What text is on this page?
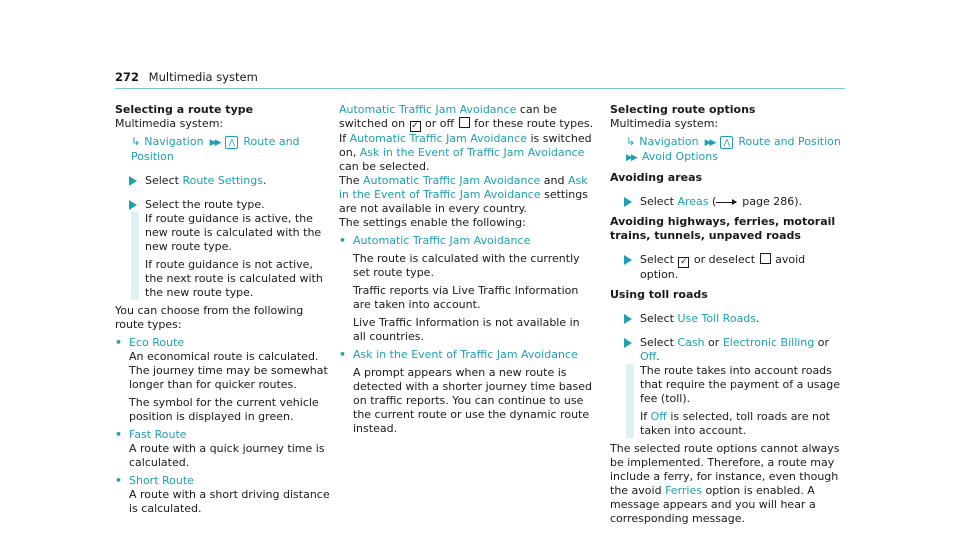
272 Multimedia system

Selecting a route type

Multimedia system:

↳ Navigation ▶▶ ⋀ Route and Position

Select Route Settings.
Select the route type.

If route guidance is active, the new route is calculated with the new route type.

If route guidance is not active, the next route is calculated with the new route type.

You can choose from the following route types:

• Eco Route

An economical route is calculated. The journey time may be somewhat longer than for quicker routes.

The symbol for the current vehicle position is displayed in green.

• Fast Route

A route with a quick journey time is calculated.

• Short Route

A route with a short driving distance is calculated.

Automatic Traffic Jam Avoidance can be switched on ✓ or off  for these route types.

If Automatic Traffic Jam Avoidance is switched on, Ask in the Event of Traffic Jam Avoidance can be selected.

The Automatic Traffic Jam Avoidance and Ask in the Event of Traffic Jam Avoidance settings are not available in every country.

The settings enable the following:

• Automatic Traffic Jam Avoidance

The route is calculated with the currently set route type.

Traffic reports via Live Traffic Information are taken into account.

Live Traffic Information is not available in all countries.

• Ask in the Event of Traffic Jam Avoidance

A prompt appears when a new route is detected with a shorter journey time based on traffic reports. You can continue to use the current route or use the dynamic route instead.

Selecting route options

Multimedia system:

↳ Navigation ▶▶ ⋀ Route and Position

▶▶ Avoid Options

Avoiding areas

Select Areas ( page 286).

Avoiding highways, ferries, motorail trains, tunnels, unpaved roads

Select ✓ or deselect  avoid option.

Using toll roads

Select Use Toll Roads.
Select Cash or Electronic Billing or Off.

The route takes into account roads that require the payment of a usage fee (toll).

If Off is selected, toll roads are not taken into account.

The selected route options cannot always be implemented. Therefore, a route may include a ferry, for instance, even though the avoid Ferries option is enabled. A message appears and you will hear a corresponding message.
